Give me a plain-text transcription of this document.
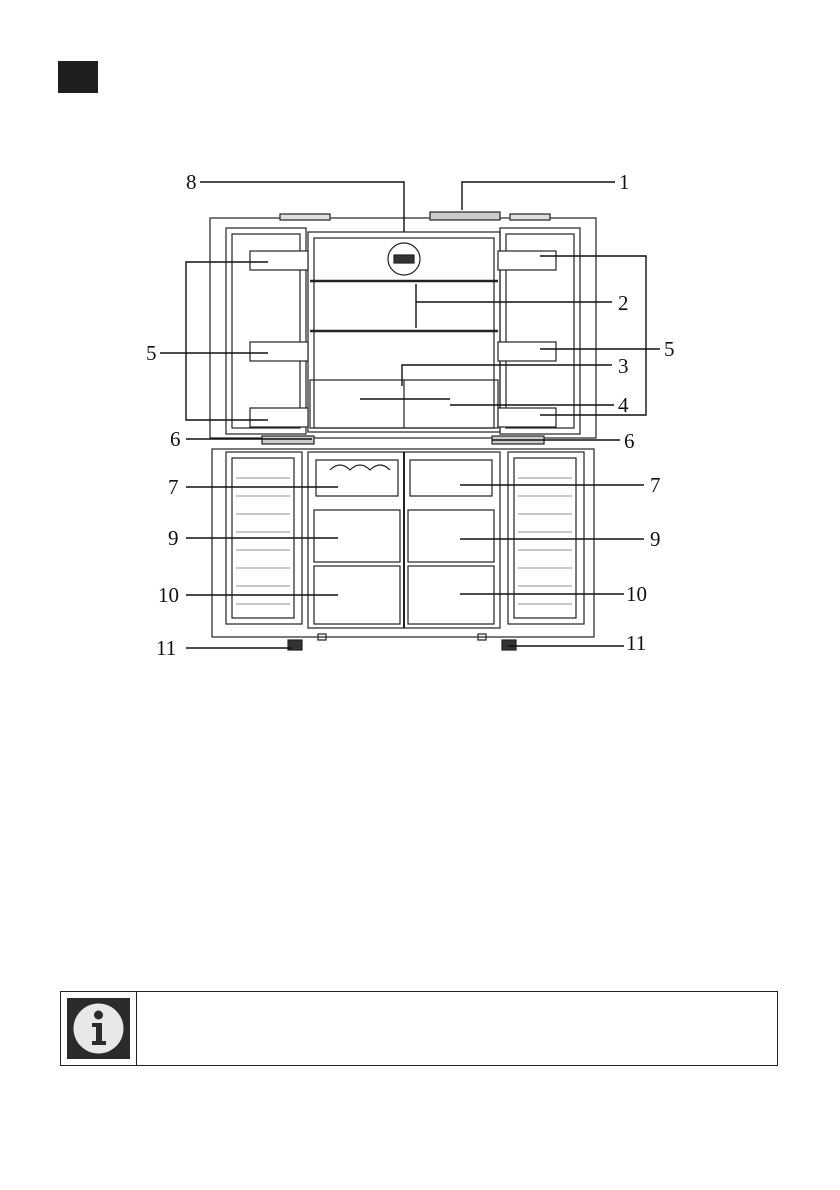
8	1
2
5	5
3
4
6	6
7	7
9	9
10	10
11	11
